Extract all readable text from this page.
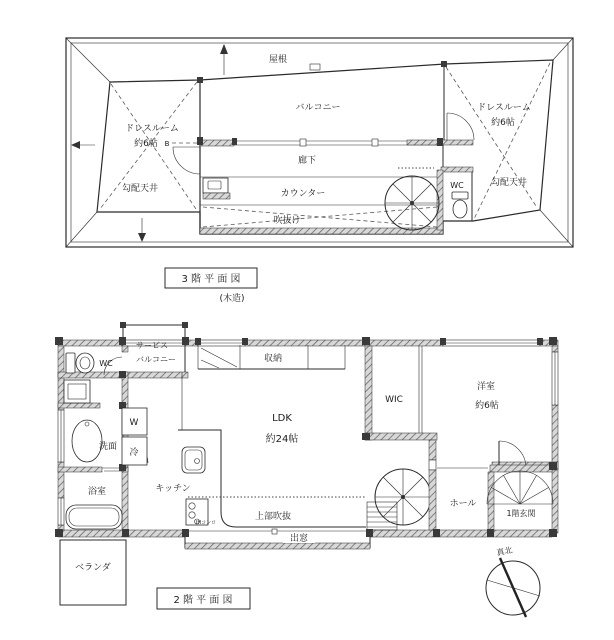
屋根
バルコニー
ドレスルーム
約6帖 B
勾配天井
廊下
カウンター
吹抜け
WC
ドレスルーム
約6帖
勾配天井
3 階 平 面 図
(木造)
出窓
サービス
バルコニー
WC
洗面
W
冷
浴室
ベランダ
IHコンロ
キッチン
上部吹抜
収納
LDK
約24帖
WIC
洋室
約6帖
ホール
1階玄関
2 階 平 面 図
真北
